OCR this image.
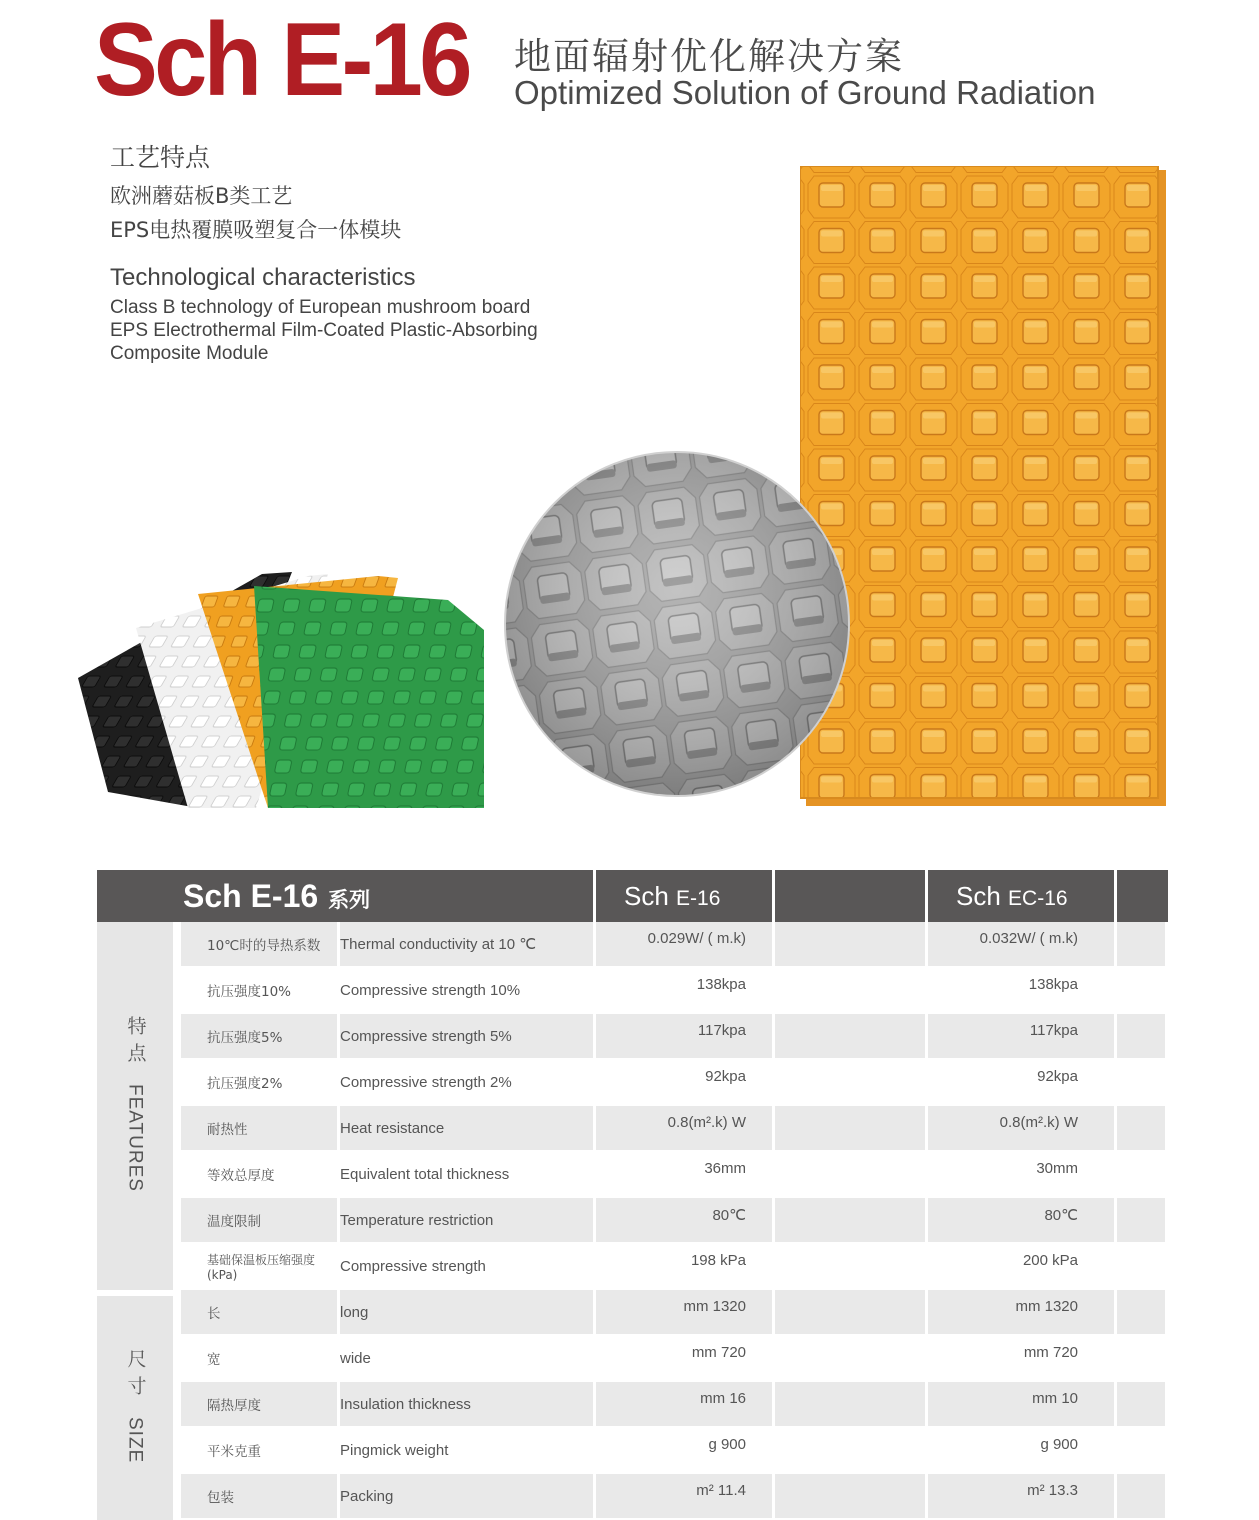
Sch E-16 地面辐射优化解决方案
Optimized Solution of Ground Radiation
工艺特点
欧洲蘑菇板B类工艺
EPS电热覆膜吸塑复合一体模块
Technological characteristics
Class B technology of European mushroom board
EPS Electrothermal Film-Coated Plastic-Absorbing
Composite Module
Sch E-16 系列			Sch E-16		Sch EC-16	
特点FEATURES	10℃时的导热系数	Thermal conductivity at 10 ℃	0.029W/ ( m.k)		0.032W/ ( m.k)	
	抗压强度10%	Compressive strength 10%	138kpa		138kpa	
	抗压强度5%	Compressive strength 5%	117kpa		117kpa	
	抗压强度2%	Compressive strength 2%	92kpa		92kpa	
	耐热性	Heat resistance	0.8(m².k) W		0.8(m².k) W	
	等效总厚度	Equivalent total thickness	36mm		30mm	
	温度限制	Temperature restriction	80℃		80℃	
	基础保温板压缩强度(kPa)	Compressive strength	198 kPa		200 kPa	
尺寸SIZE	长	long	mm 1320		mm 1320	
	宽	wide	mm 720		mm 720	
	隔热厚度	Insulation thickness	mm 16		mm 10	
	平米克重	Pingmick weight	g 900		g 900	
	包装	Packing	m² 11.4		m² 13.3	
